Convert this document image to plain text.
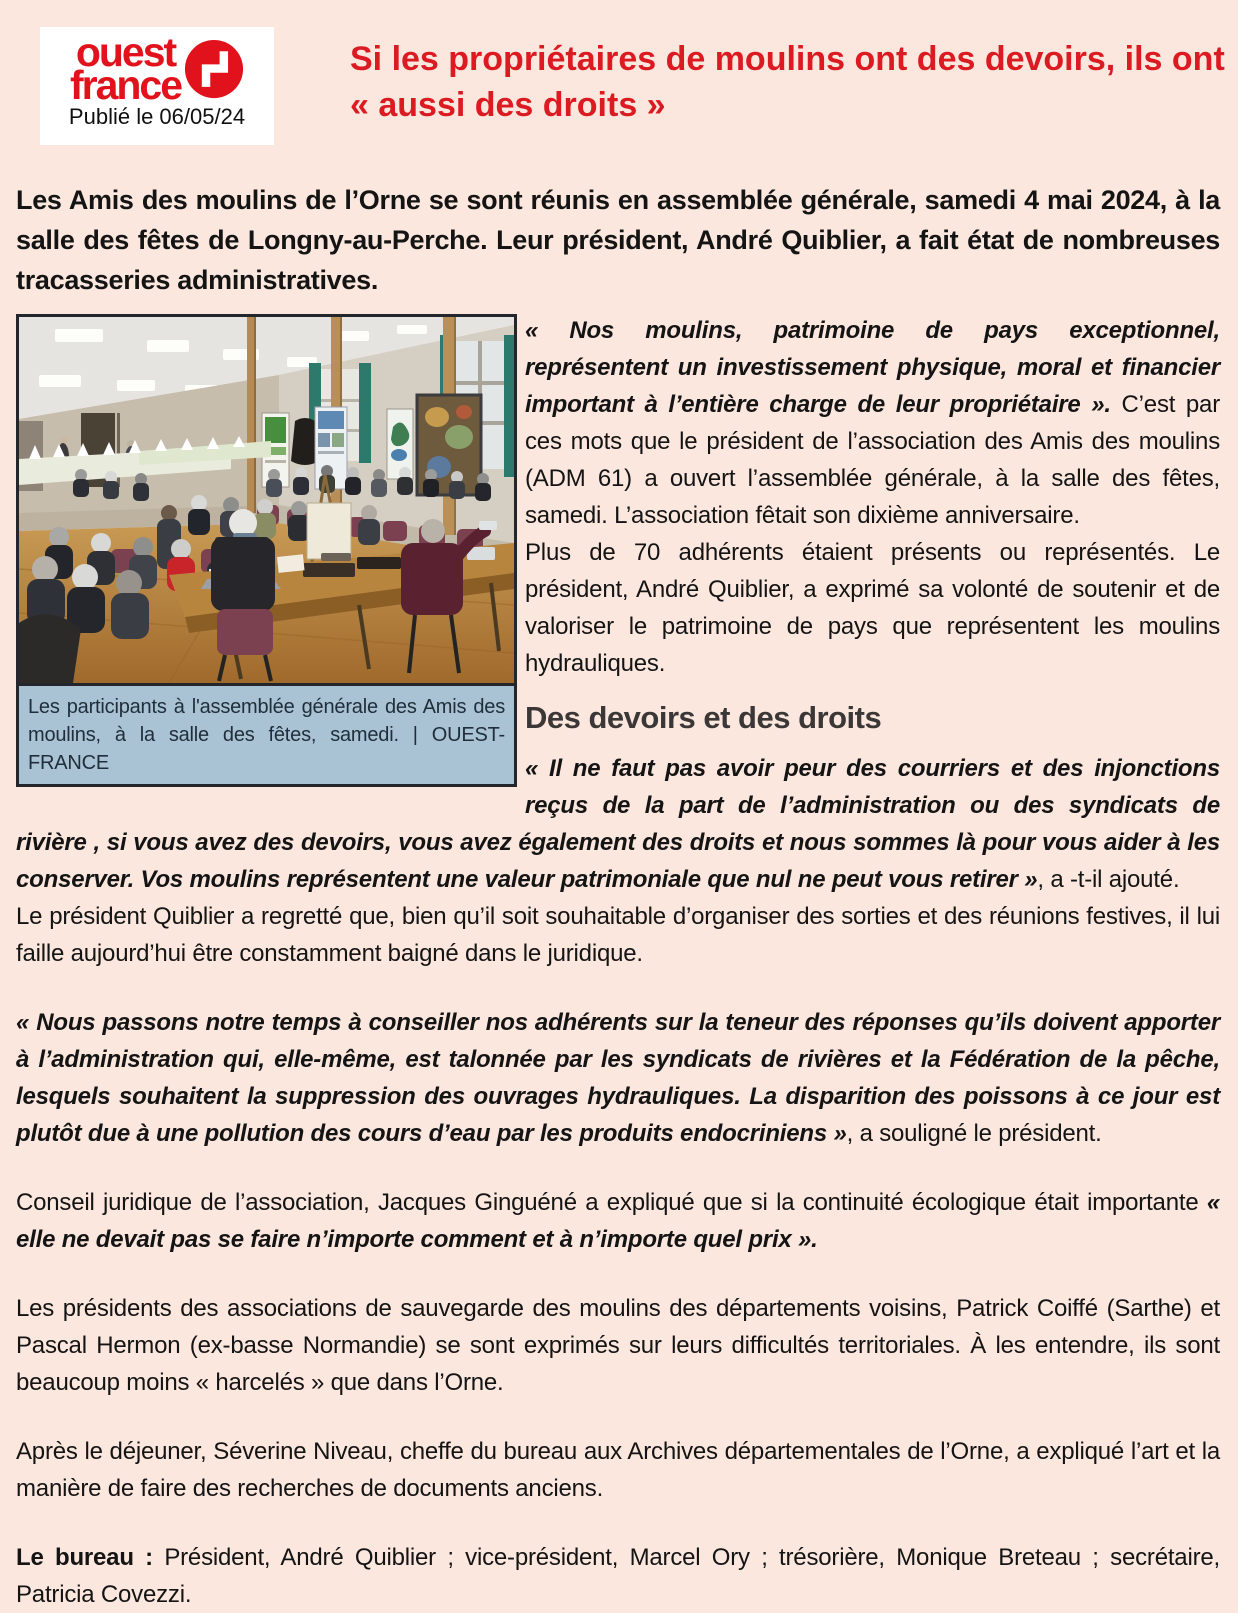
ouest
france
Publié le 06/05/24
Si les propriétaires de moulins ont des devoirs, ils ont « aussi des droits »

Les Amis des moulins de l’Orne se sont réunis en assemblée générale, samedi 4 mai 2024, à la salle des fêtes de Longny-au-Perche. Leur président, André Quiblier, a fait état de nombreuses tracasseries administratives.

Les participants à l'assemblée générale des Amis des moulins, à la salle des fêtes, samedi. | OUEST-FRANCE

« Nos moulins, patrimoine de pays exceptionnel, représentent un investissement physique, moral et financier important à l’entière charge de leur propriétaire ». C’est par ces mots que le président de l’association des Amis des moulins (ADM 61) a ouvert l’assemblée générale, à la salle des fêtes, samedi. L’association fêtait son dixième anniversaire.

Plus de 70 adhérents étaient présents ou représentés. Le président, André Quiblier, a exprimé sa volonté de soutenir et de valoriser le patrimoine de pays que représentent les moulins hydrauliques.

Des devoirs et des droits

« Il ne faut pas avoir peur des courriers et des injonctions reçus de la part de l’administration ou des syndicats de rivière , si vous avez des devoirs, vous avez également des droits et nous sommes là pour vous aider à les conserver. Vos moulins représentent une valeur patrimoniale que nul ne peut vous retirer », a -t-il ajouté.

Le président Quiblier a regretté que, bien qu’il soit souhaitable d’organiser des sorties et des réunions festives, il lui faille aujourd’hui être constamment baigné dans le juridique.

« Nous passons notre temps à conseiller nos adhérents sur la teneur des réponses qu’ils doivent apporter à l’administration qui, elle-même, est talonnée par les syndicats de rivières et la Fédération de la pêche, lesquels souhaitent la suppression des ouvrages hydrauliques. La disparition des poissons à ce jour est plutôt due à une pollution des cours d’eau par les produits endocriniens », a souligné le président.

Conseil juridique de l’association, Jacques Ginguéné a expliqué que si la continuité écologique était importante « elle ne devait pas se faire n’importe comment et à n’importe quel prix ».

Les présidents des associations de sauvegarde des moulins des départements voisins, Patrick Coiffé (Sarthe) et Pascal Hermon (ex-basse Normandie) se sont exprimés sur leurs difficultés territoriales. À les entendre, ils sont beaucoup moins « harcelés » que dans l’Orne.

Après le déjeuner, Séverine Niveau, cheffe du bureau aux Archives départementales de l’Orne, a expliqué l’art et la manière de faire des recherches de documents anciens.

Le bureau : Président, André Quiblier ; vice-président, Marcel Ory ; trésorière, Monique Breteau ; secrétaire, Patricia Covezzi.
